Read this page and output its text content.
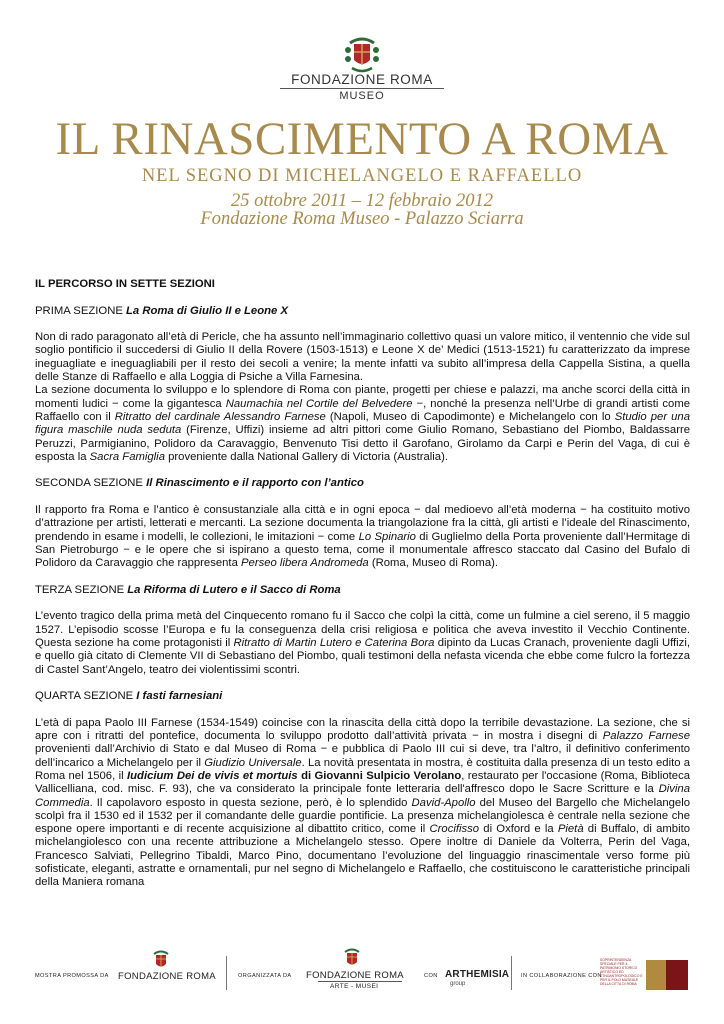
FONDAZIONE ROMA
MUSEO
IL RINASCIMENTO A ROMA
NEL SEGNO DI MICHELANGELO E RAFFAELLO
25 ottobre 2011 – 12 febbraio 2012
Fondazione Roma Museo - Palazzo Sciarra
IL PERCORSO IN SETTE SEZIONI
PRIMA SEZIONE La Roma di Giulio II e Leone X

Non di rado paragonato all’età di Pericle, che ha assunto nell’immaginario collettivo quasi un valore mitico, il ventennio che vide sul soglio pontificio il succedersi di Giulio II della Rovere (1503-1513) e Leone X de’ Medici (1513-1521) fu caratterizzato da imprese ineguagliate e ineguagliabili per il resto dei secoli a venire; la mente infatti va subito all’impresa della Cappella Sistina, a quella delle Stanze di Raffaello e alla Loggia di Psiche a Villa Farnesina.

La sezione documenta lo sviluppo e lo splendore di Roma con piante, progetti per chiese e palazzi, ma anche scorci della città in momenti ludici − come la gigantesca Naumachia nel Cortile del Belvedere −, nonché la presenza nell’Urbe di grandi artisti come Raffaello con il Ritratto del cardinale Alessandro Farnese (Napoli, Museo di Capodimonte) e Michelangelo con lo Studio per una figura maschile nuda seduta (Firenze, Uffizi) insieme ad altri pittori come Giulio Romano, Sebastiano del Piombo, Baldassarre Peruzzi, Parmigianino, Polidoro da Caravaggio, Benvenuto Tisi detto il Garofano, Girolamo da Carpi e Perin del Vaga, di cui è esposta la Sacra Famiglia proveniente dalla National Gallery di Victoria (Australia).

SECONDA SEZIONE Il Rinascimento e il rapporto con l’antico

Il rapporto fra Roma e l’antico è consustanziale alla città e in ogni epoca − dal medioevo all’età moderna − ha costituito motivo d’attrazione per artisti, letterati e mercanti. La sezione documenta la triangolazione fra la città, gli artisti e l’ideale del Rinascimento, prendendo in esame i modelli, le collezioni, le imitazioni − come Lo Spinario di Guglielmo della Porta proveniente dall’Hermitage di San Pietroburgo − e le opere che si ispirano a questo tema, come il monumentale affresco staccato dal Casino del Bufalo di Polidoro da Caravaggio che rappresenta Perseo libera Andromeda (Roma, Museo di Roma).

TERZA SEZIONE La Riforma di Lutero e il Sacco di Roma

L’evento tragico della prima metà del Cinquecento romano fu il Sacco che colpì la città, come un fulmine a ciel sereno, il 5 maggio 1527. L’episodio scosse l’Europa e fu la conseguenza della crisi religiosa e politica che aveva investito il Vecchio Continente. Questa sezione ha come protagonisti il Ritratto di Martin Lutero e Caterina Bora dipinto da Lucas Cranach, proveniente dagli Uffizi, e quello già citato di Clemente VII di Sebastiano del Piombo, quali testimoni della nefasta vicenda che ebbe come fulcro la fortezza di Castel Sant’Angelo, teatro dei violentissimi scontri.

QUARTA SEZIONE I fasti farnesiani

L’età di papa Paolo III Farnese (1534-1549) coincise con la rinascita della città dopo la terribile devastazione. La sezione, che si apre con i ritratti del pontefice, documenta lo sviluppo prodotto dall’attività privata − in mostra i disegni di Palazzo Farnese provenienti dall’Archivio di Stato e dal Museo di Roma − e pubblica di Paolo III cui si deve, tra l’altro, il definitivo conferimento dell’incarico a Michelangelo per il Giudizio Universale. La novità presentata in mostra, è costituita dalla presenza di un testo edito a Roma nel 1506, il Iudicium Dei de vivis et mortuis di Giovanni Sulpicio Verolano, restaurato per l'occasione (Roma, Biblioteca Vallicelliana, cod. misc. F. 93), che va considerato la principale fonte letteraria dell'affresco dopo le Sacre Scritture e la Divina Commedia. Il capolavoro esposto in questa sezione, però, è lo splendido David-Apollo del Museo del Bargello che Michelangelo scolpì fra il 1530 ed il 1532 per il comandante delle guardie pontificie. La presenza michelangiolesca è centrale nella sezione che espone opere importanti e di recente acquisizione al dibattito critico, come il Crocifisso di Oxford e la Pietà di Buffalo, di ambito michelangiolesco con una recente attribuzione a Michelangelo stesso. Opere inoltre di Daniele da Volterra, Perin del Vaga, Francesco Salviati, Pellegrino Tibaldi, Marco Pino, documentano l’evoluzione del linguaggio rinascimentale verso forme più sofisticate, eleganti, astratte e ornamentali, pur nel segno di Michelangelo e Raffaello, che costituiscono le caratteristiche principali della Maniera romana

MOSTRA PROMOSSA DA FONDAZIONE ROMA	ORGANIZZATA DA FONDAZIONE ROMA
ARTE - MUSEI
CON ARTHEMISIA
group
IN COLLABORAZIONE CON
SOPRINTENDENZA SPECIALE PER IL PATRIMONIO STORICO ARTISTICO ED ETNOANTROPOLOGICO E PER IL POLO MUSEALE DELLA CITTÀ DI ROMA
